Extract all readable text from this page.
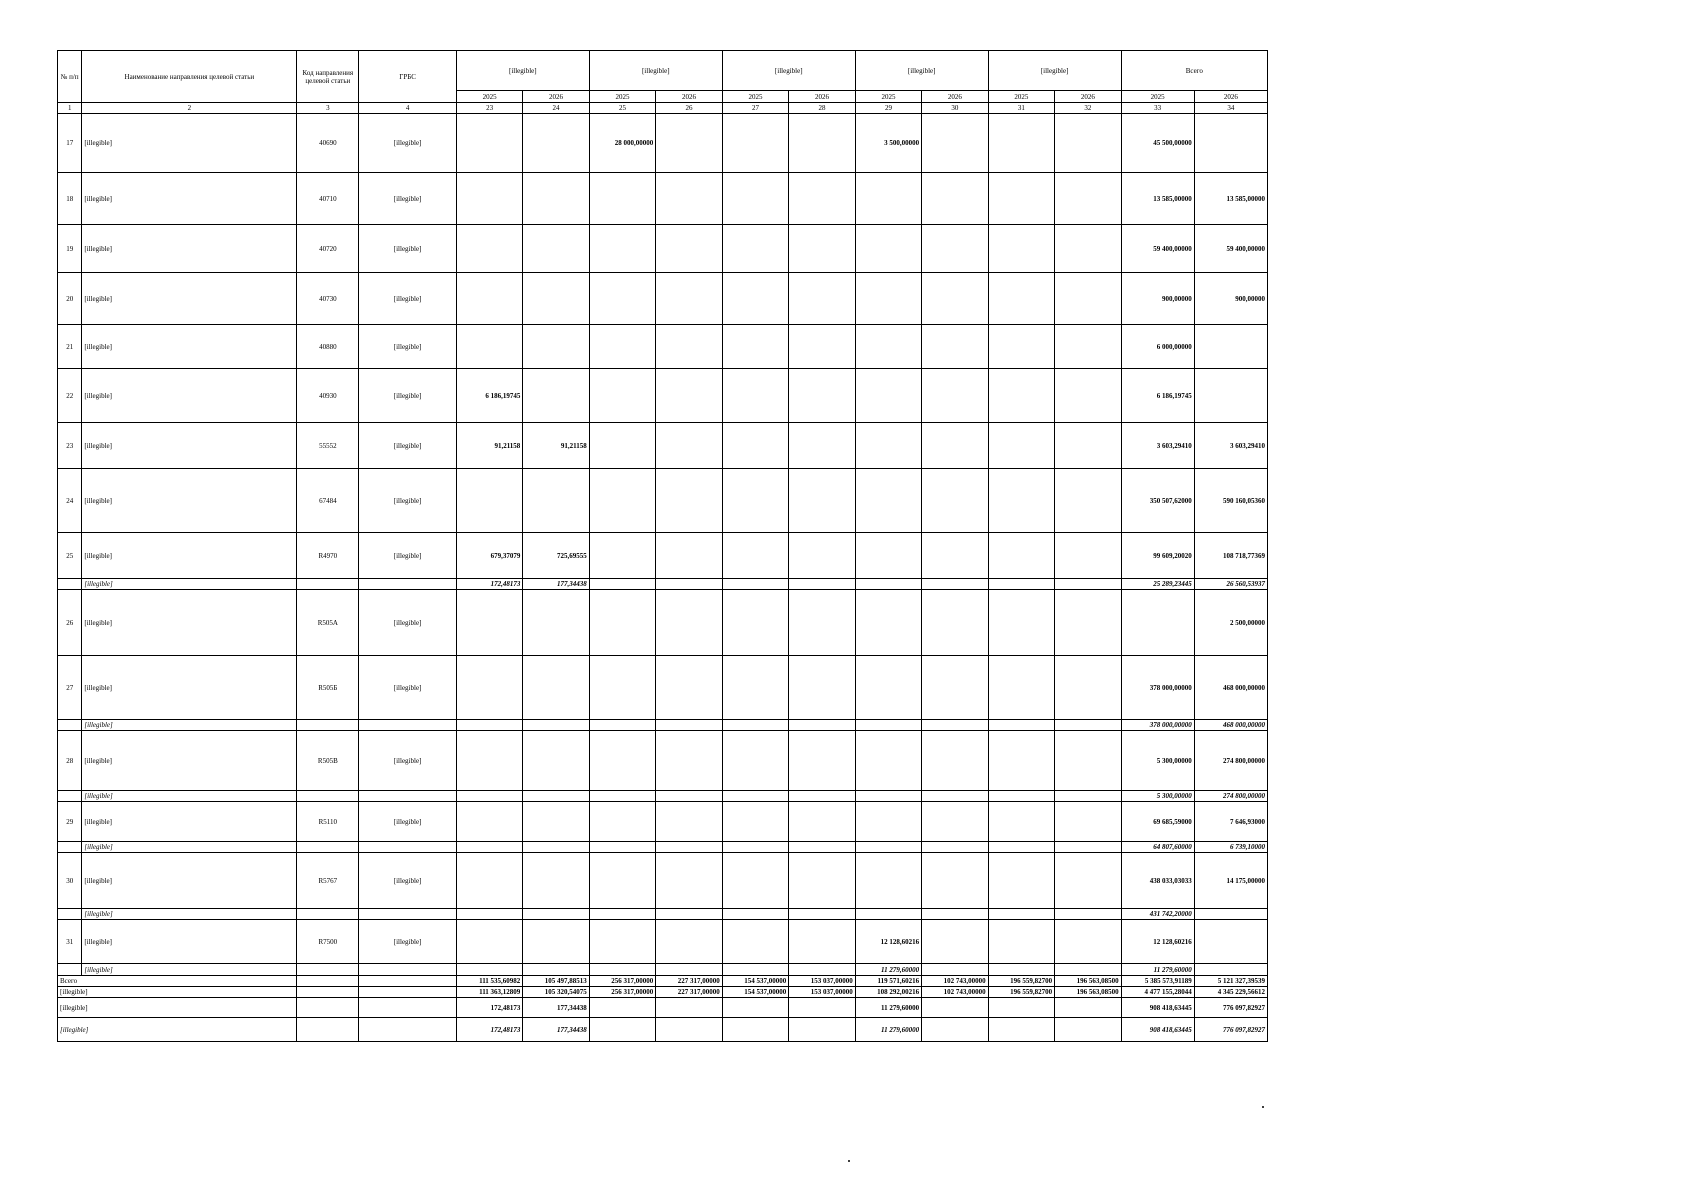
№ п/п	Наименование направления целевой статьи	Код направления целевой статьи	ГРБС	[illegible]		[illegible]		[illegible]		[illegible]		[illegible]		Всего	
				2025	2026	2025	2026	2025	2026	2025	2026	2025	2026	2025	2026
1	2	3	4	23	24	25	26	27	28	29	30	31	32	33	34
17	[illegible]	40690	[illegible]			28 000,00000				3 500,00000				45 500,00000	
18	[illegible]	40710	[illegible]											13 585,00000	13 585,00000
19	[illegible]	40720	[illegible]											59 400,00000	59 400,00000
20	[illegible]	40730	[illegible]											900,00000	900,00000
21	[illegible]	40880	[illegible]											6 000,00000	
22	[illegible]	40930	[illegible]	6 186,19745										6 186,19745	
23	[illegible]	55552	[illegible]	91,21158	91,21158									3 603,29410	3 603,29410
24	[illegible]	67484	[illegible]											350 507,62000	590 160,05360
25	[illegible]	R4970	[illegible]	679,37079	725,69555									99 609,20020	108 718,77369
	[illegible]			172,48173	177,34438									25 289,23445	26 560,53937
26	[illegible]	R505А	[illegible]												2 500,00000
27	[illegible]	R505Б	[illegible]											378 000,00000	468 000,00000
	[illegible]													378 000,00000	468 000,00000
28	[illegible]	R505В	[illegible]											5 300,00000	274 800,00000
	[illegible]													5 300,00000	274 800,00000
29	[illegible]	R5110	[illegible]											69 685,59000	7 646,93000
	[illegible]													64 807,60000	6 739,10000
30	[illegible]	R5767	[illegible]											438 033,03033	14 175,00000
	[illegible]													431 742,20000	
31	[illegible]	R7500	[illegible]							12 128,60216				12 128,60216	
	[illegible]									11 279,60000				11 279,60000	
Всего				111 535,60982	105 497,88513	256 317,00000	227 317,00000	154 537,00000	153 037,00000	119 571,60216	102 743,00000	196 559,82700	196 563,08500	5 385 573,91189	5 121 327,39539
[illegible]				111 363,12809	105 320,54075	256 317,00000	227 317,00000	154 537,00000	153 037,00000	108 292,00216	102 743,00000	196 559,82700	196 563,08500	4 477 155,28044	4 345 229,56612
[illegible]				172,48173	177,34438					11 279,60000				908 418,63445	776 097,82927
[illegible]				172,48173	177,34438					11 279,60000				908 418,63445	776 097,82927
